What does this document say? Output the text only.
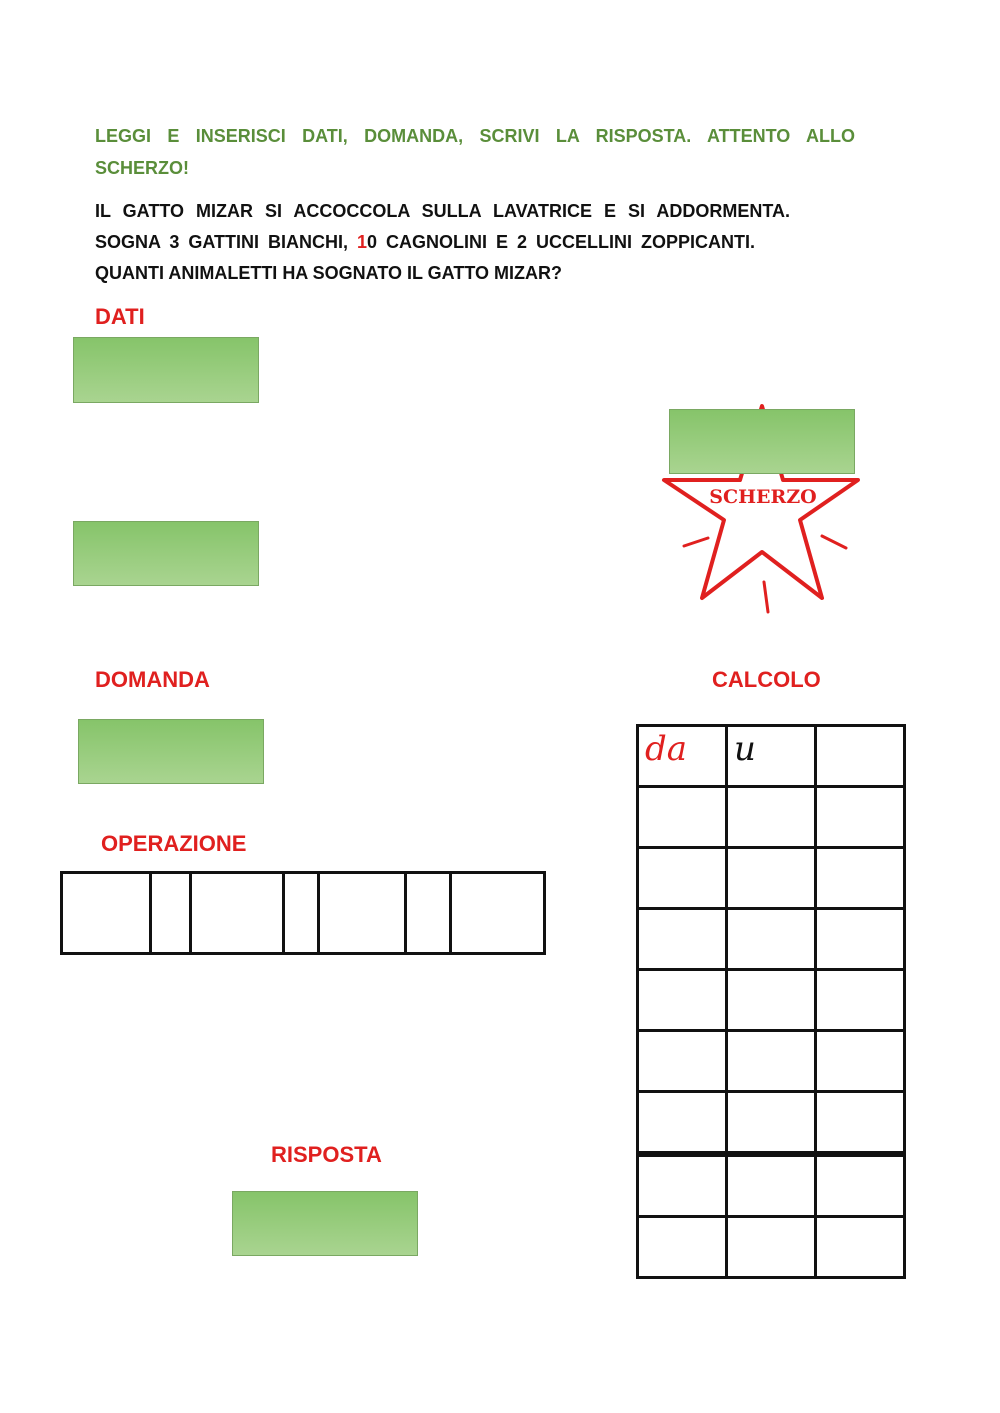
LEGGI E INSERISCI DATI, DOMANDA, SCRIVI LA RISPOSTA. ATTENTO ALLO SCHERZO!
IL GATTO MIZAR SI ACCOCCOLA SULLA LAVATRICE E SI ADDORMENTA.
SOGNA 3 GATTINI BIANCHI, 10 CAGNOLINI E 2 UCCELLINI ZOPPICANTI.
QUANTI ANIMALETTI HA SOGNATO IL GATTO MIZAR?
DATI
SCHERZO
DOMANDA	CALCOLO
OPERAZIONE

RISPOSTA
da	u	
